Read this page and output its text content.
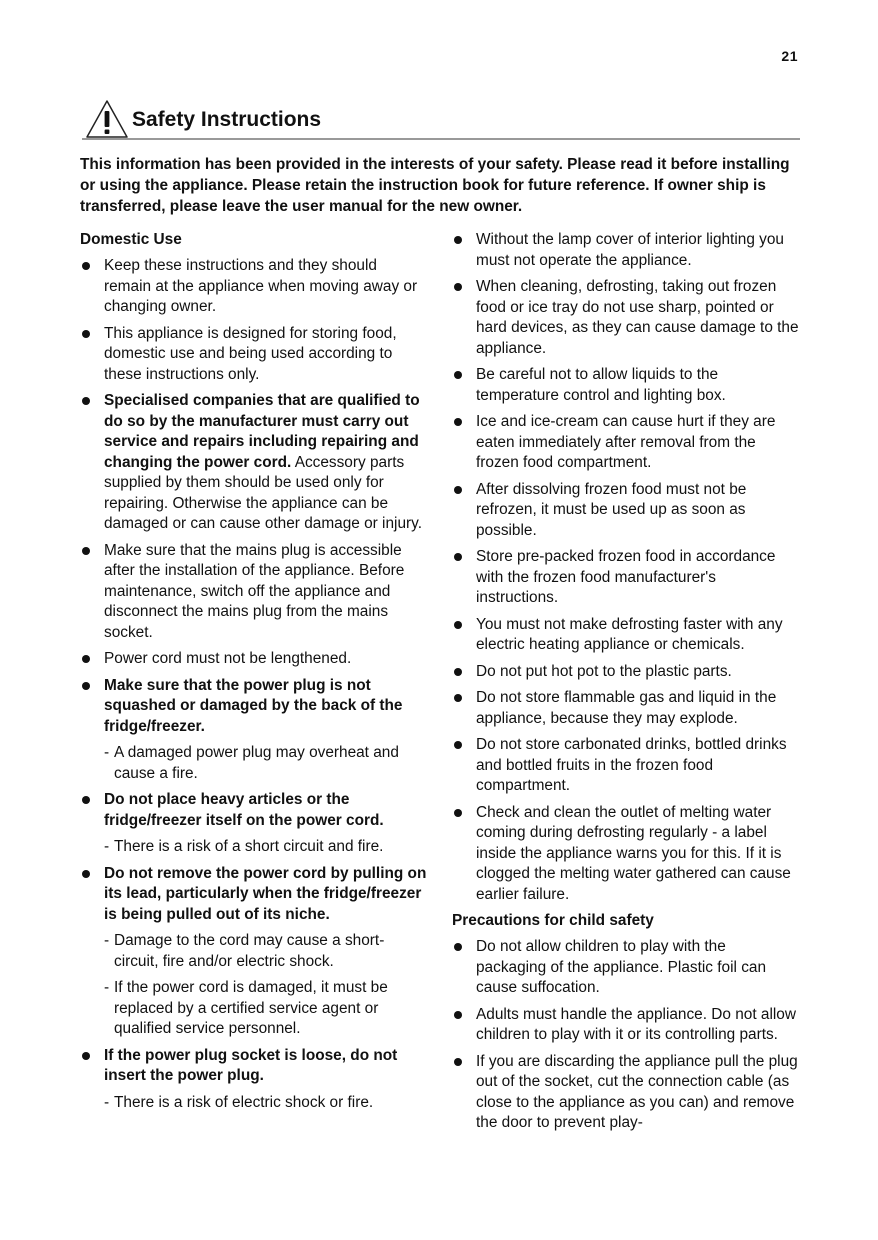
21
Safety Instructions

This information has been provided in the interests of your safety. Please read it before installing or using the appliance. Please retain the instruction book for future reference. If owner ship is transferred, please leave the user manual for the new owner.

Domestic Use
Keep these instructions and they should remain at the appliance when moving away or changing owner.
This appliance is designed for storing food, domestic use and being used according to these instructions only.
Specialised companies that are qualified to do so by the manufacturer must carry out service and repairs including repairing and changing the power cord. Accessory parts supplied by them should be used only for repairing. Otherwise the appliance can be damaged or can cause other damage or injury.
Make sure that the mains plug is accessible after the installation of the appliance. Before maintenance, switch off the appliance and disconnect the mains plug from the mains socket.
Power cord must not be lengthened.
Make sure that the power plug is not squashed or damaged by the back of the fridge/freezer.
- A damaged power plug may overheat and cause a fire.
Do not place heavy articles or the fridge/freezer itself on the power cord.
- There is a risk of a short circuit and fire.
Do not remove the power cord by pulling on its lead, particularly when the fridge/freezer is being pulled out of its niche.
- Damage to the cord may cause a short-circuit, fire and/or electric shock.
- If the power cord is damaged, it must be replaced by a certified service agent or qualified service personnel.
If the power plug socket is loose, do not insert the power plug.
- There is a risk of electric shock or fire.
Without the lamp cover of interior lighting you must not operate the appliance.
When cleaning, defrosting, taking out frozen food or ice tray do not use sharp, pointed or hard devices, as they can cause damage to the appliance.
Be careful not to allow liquids to the temperature control and lighting box.
Ice and ice-cream can cause hurt if they are eaten immediately after removal from the frozen food compartment.
After dissolving frozen food must not be refrozen, it must be used up as soon as possible.
Store pre-packed frozen food in accordance with the frozen food manufacturer's instructions.
You must not make defrosting faster with any electric heating appliance or chemicals.
Do not put hot pot to the plastic parts.
Do not store flammable gas and liquid in the appliance, because they may explode.
Do not store carbonated drinks, bottled drinks and bottled fruits in the frozen food compartment.
Check and clean the outlet of melting water coming during defrosting regularly - a label inside the appliance warns you for this. If it is clogged the melting water gathered can cause earlier failure.
Precautions for child safety
Do not allow children to play with the packaging of the appliance. Plastic foil can cause suffocation.
Adults must handle the appliance. Do not allow children to play with it or its controlling parts.
If you are discarding the appliance pull the plug out of the socket, cut the connection cable (as close to the appliance as you can) and remove the door to prevent play-
